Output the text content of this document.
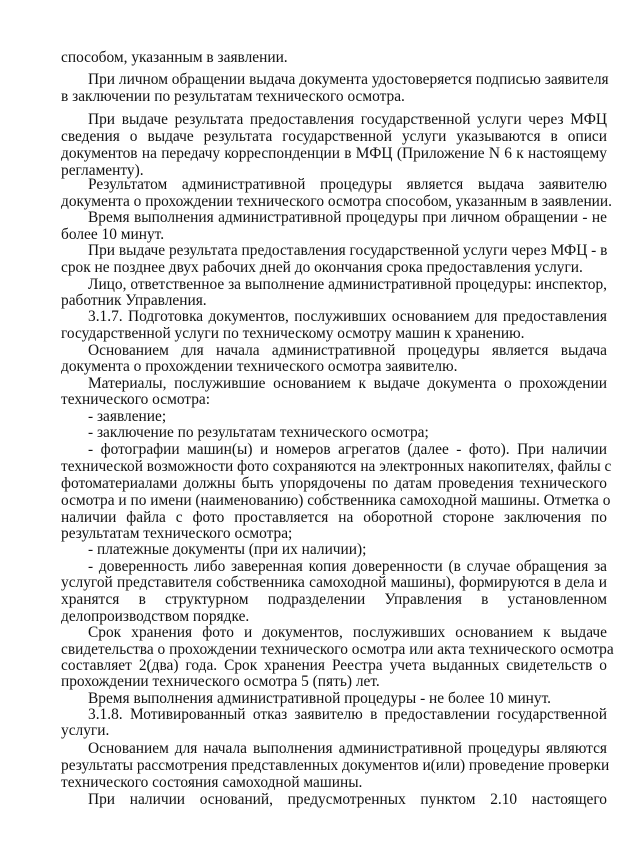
способом, указанным в заявлении.
При личном обращении выдача документа удостоверяется подписью заявителя
в заключении по результатам технического осмотра.
При выдаче результата предоставления государственной услуги через МФЦ
сведения о выдаче результата государственной услуги указываются в описи
документов на передачу корреспонденции в МФЦ (Приложение N 6 к настоящему
регламенту).
Результатом административной процедуры является выдача заявителю
документа о прохождении технического осмотра способом, указанным в заявлении.
Время выполнения административной процедуры при личном обращении - не
более 10 минут.
При выдаче результата предоставления государственной услуги через МФЦ - в
срок не позднее двух рабочих дней до окончания срока предоставления услуги.
Лицо, ответственное за выполнение административной процедуры: инспектор,
работник Управления.
3.1.7. Подготовка документов, послуживших основанием для предоставления
государственной услуги по техническому осмотру машин к хранению.
Основанием для начала административной процедуры является выдача
документа о прохождении технического осмотра заявителю.
Материалы, послужившие основанием к выдаче документа о прохождении
технического осмотра:
- заявление;
- заключение по результатам технического осмотра;
- фотографии машин(ы) и номеров агрегатов (далее - фото). При наличии
технической возможности фото сохраняются на электронных накопителях, файлы с
фотоматериалами должны быть упорядочены по датам проведения технического
осмотра и по имени (наименованию) собственника самоходной машины. Отметка о
наличии файла с фото проставляется на оборотной стороне заключения по
результатам технического осмотра;
- платежные документы (при их наличии);
- доверенность либо заверенная копия доверенности (в случае обращения за
услугой представителя собственника самоходной машины), формируются в дела и
хранятся в структурном подразделении Управления в установленном
делопроизводством порядке.
Срок хранения фото и документов, послуживших основанием к выдаче
свидетельства о прохождении технического осмотра или акта технического осмотра
составляет 2(два) года. Срок хранения Реестра учета выданных свидетельств о
прохождении технического осмотра 5 (пять) лет.
Время выполнения административной процедуры - не более 10 минут.
3.1.8. Мотивированный отказ заявителю в предоставлении государственной
услуги.
Основанием для начала выполнения административной процедуры являются
результаты рассмотрения представленных документов и(или) проведение проверки
технического состояния самоходной машины.
При наличии оснований, предусмотренных пунктом 2.10 настоящего
